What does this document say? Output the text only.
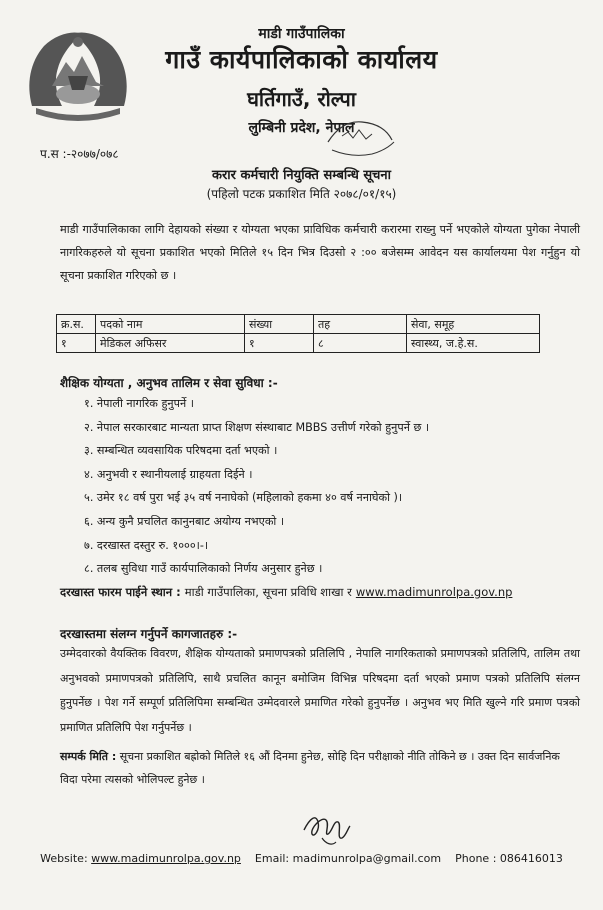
माडी गाउँपालिका
गाउँ कार्यपालिकाको कार्यालय
घर्तिगाउँ, रोल्पा
लुम्बिनी प्रदेश, नेपाल
प.स :-२०७७/०७८
करार कर्मचारी नियुक्ति सम्बन्धि सूचना
(पहिलो पटक प्रकाशित मिति २०७८/०१/१५)
माडी गाउँपालिकाका लागि देहायको संख्या र योग्यता भएका प्राविधिक कर्मचारी करारमा राख्नु पर्ने भएकोले योग्यता पुगेका नेपाली नागरिकहरुले यो सूचना प्रकाशित भएको मितिले १५ दिन भित्र दिउसो २ :०० बजेसम्म आवेदन यस कार्यालयमा पेश गर्नुहुन यो सूचना प्रकाशित गरिएको छ ।
क्र.स.	पदको नाम	संख्या	तह	सेवा, समूह
१	मेडिकल अफिसर	१	८	स्वास्थ्य, ज.हे.स.
शैक्षिक योग्यता , अनुभव तालिम र सेवा सुविधा :-
१. नेपाली नागरिक हुनुपर्ने ।
२. नेपाल सरकारबाट मान्यता प्राप्त शिक्षण संस्थाबाट MBBS उत्तीर्ण गरेको हुनुपर्ने छ ।
३. सम्बन्धित व्यवसायिक परिषदमा दर्ता भएको ।
४. अनुभवी र स्थानीयलाई ग्राहयता दिईने ।
५. उमेर १८ वर्ष पुरा भई ३५ वर्ष ननाघेको (महिलाको हकमा ४० वर्ष ननाघेको )।
६. अन्य कुनै प्रचलित कानुनबाट अयोग्य नभएको ।
७. दरखास्त दस्तुर रु. १०००।-।
८. तलब सुविधा गाउँ कार्यपालिकाको निर्णय अनुसार हुनेछ ।
दरखास्त फारम पाईने स्थान : माडी गाउँपालिका, सूचना प्रविधि शाखा र www.madimunrolpa.gov.np
दरखास्तमा संलग्न गर्नुपर्ने कागजातहरु :-
उम्मेदवारको वैयक्तिक विवरण, शैक्षिक योग्यताको प्रमाणपत्रको प्रतिलिपि , नेपालि नागरिकताको प्रमाणपत्रको प्रतिलिपि, तालिम तथा अनुभवको प्रमाणपत्रको प्रतिलिपि, साथै प्रचलित कानून बमोजिम विभिन्न परिषदमा दर्ता भएको प्रमाण पत्रको प्रतिलिपि संलग्न हुनुपर्नेछ । पेश गर्ने सम्पूर्ण प्रतिलिपिमा सम्बन्धित उम्मेदवारले प्रमाणित गरेको हुनुपर्नेछ । अनुभव भए मिति खुल्ने गरि प्रमाण पत्रको प्रमाणित प्रतिलिपि पेश गर्नुपर्नेछ ।
सम्पर्क मिति : सूचना प्रकाशित बह्रोको मितिले १६ औं दिनमा हुनेछ, सोहि दिन परीक्षाको नीति तोकिने छ । उक्त दिन सार्वजनिक विदा परेमा त्यसको भोलिपल्ट हुनेछ ।
Website: www.madimunrolpa.gov.np Email: madimunrolpa@gmail.com Phone : 086416013
